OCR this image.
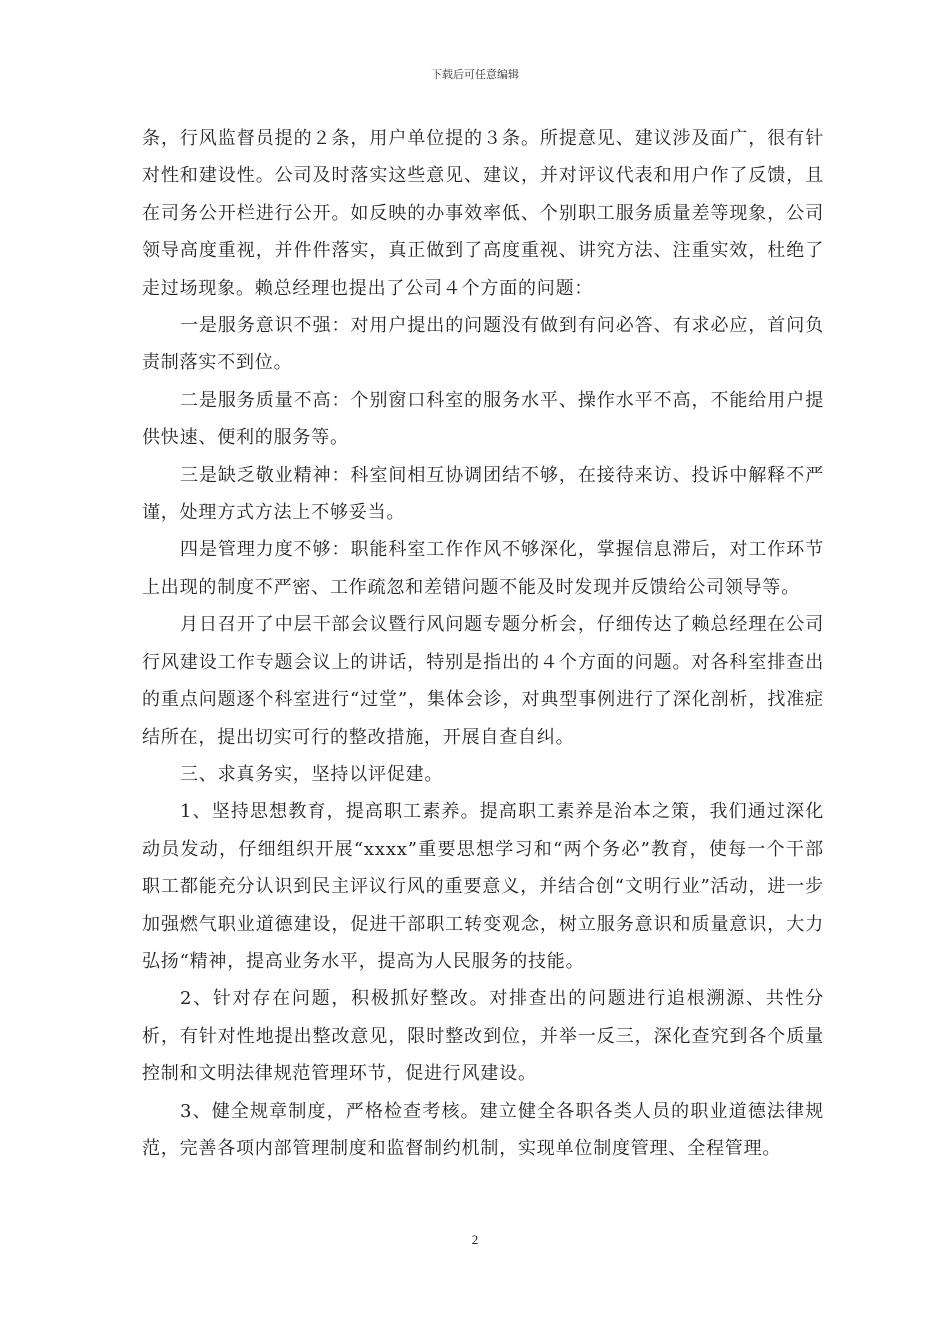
下载后可任意编辑

条，行风监督员提的２条，用户单位提的３条。所提意见、建议涉及面广，很有针对性和建设性。公司及时落实这些意见、建议，并对评议代表和用户作了反馈，且在司务公开栏进行公开。如反映的办事效率低、个别职工服务质量差等现象，公司领导高度重视，并件件落实，真正做到了高度重视、讲究方法、注重实效，杜绝了走过场现象。赖总经理也提出了公司４个方面的问题：

一是服务意识不强：对用户提出的问题没有做到有问必答、有求必应，首问负责制落实不到位。

二是服务质量不高：个别窗口科室的服务水平、操作水平不高，不能给用户提供快速、便利的服务等。

三是缺乏敬业精神：科室间相互协调团结不够，在接待来访、投诉中解释不严谨，处理方式方法上不够妥当。

四是管理力度不够：职能科室工作作风不够深化，掌握信息滞后，对工作环节上出现的制度不严密、工作疏忽和差错问题不能及时发现并反馈给公司领导等。

月日召开了中层干部会议暨行风问题专题分析会，仔细传达了赖总经理在公司行风建设工作专题会议上的讲话，特别是指出的４个方面的问题。对各科室排查出的重点问题逐个科室进行“过堂”，集体会诊，对典型事例进行了深化剖析，找准症结所在，提出切实可行的整改措施，开展自查自纠。

三、求真务实，坚持以评促建。

1、坚持思想教育，提高职工素养。提高职工素养是治本之策，我们通过深化动员发动，仔细组织开展“xxxx”重要思想学习和“两个务必”教育，使每一个干部职工都能充分认识到民主评议行风的重要意义，并结合创“文明行业”活动，进一步加强燃气职业道德建设，促进干部职工转变观念，树立服务意识和质量意识，大力弘扬“精神，提高业务水平，提高为人民服务的技能。

2、针对存在问题，积极抓好整改。对排查出的问题进行追根溯源、共性分析，有针对性地提出整改意见，限时整改到位，并举一反三，深化查究到各个质量控制和文明法律规范管理环节，促进行风建设。

3、健全规章制度，严格检查考核。建立健全各职各类人员的职业道德法律规范，完善各项内部管理制度和监督制约机制，实现单位制度管理、全程管理。

2
